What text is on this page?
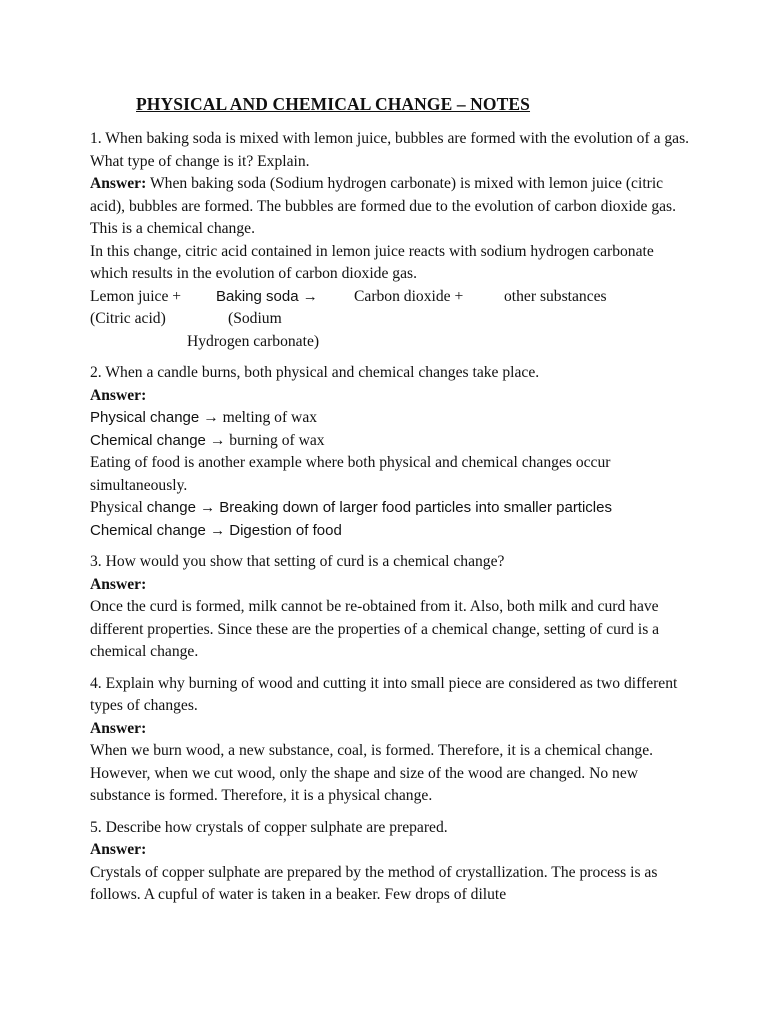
PHYSICAL AND CHEMICAL CHANGE – NOTES

1. When baking soda is mixed with lemon juice, bubbles are formed with the evolution of a gas. What type of change is it? Explain.

Answer: When baking soda (Sodium hydrogen carbonate) is mixed with lemon juice (citric acid), bubbles are formed. The bubbles are formed due to the evolution of carbon dioxide gas.

This is a chemical change.

In this change, citric acid contained in lemon juice reacts with sodium hydrogen carbonate which results in the evolution of carbon dioxide gas.

Lemon juice + Baking soda → Carbon dioxide +	other substances
(Citric acid)	(Sodium
Hydrogen carbonate)

2. When a candle burns, both physical and chemical changes take place.

Answer:

Physical change → melting of wax

Chemical change → burning of wax

Eating of food is another example where both physical and chemical changes occur simultaneously.

Physical change → Breaking down of larger food particles into smaller particles

Chemical change → Digestion of food

3. How would you show that setting of curd is a chemical change?

Answer:

Once the curd is formed, milk cannot be re-obtained from it. Also, both milk and curd have different properties. Since these are the properties of a chemical change, setting of curd is a chemical change.

4. Explain why burning of wood and cutting it into small piece are considered as two different types of changes.

Answer:

When we burn wood, a new substance, coal, is formed. Therefore, it is a chemical change. However, when we cut wood, only the shape and size of the wood are changed. No new substance is formed. Therefore, it is a physical change.

5. Describe how crystals of copper sulphate are prepared.

Answer:

Crystals of copper sulphate are prepared by the method of crystallization. The process is as follows. A cupful of water is taken in a beaker. Few drops of dilute
